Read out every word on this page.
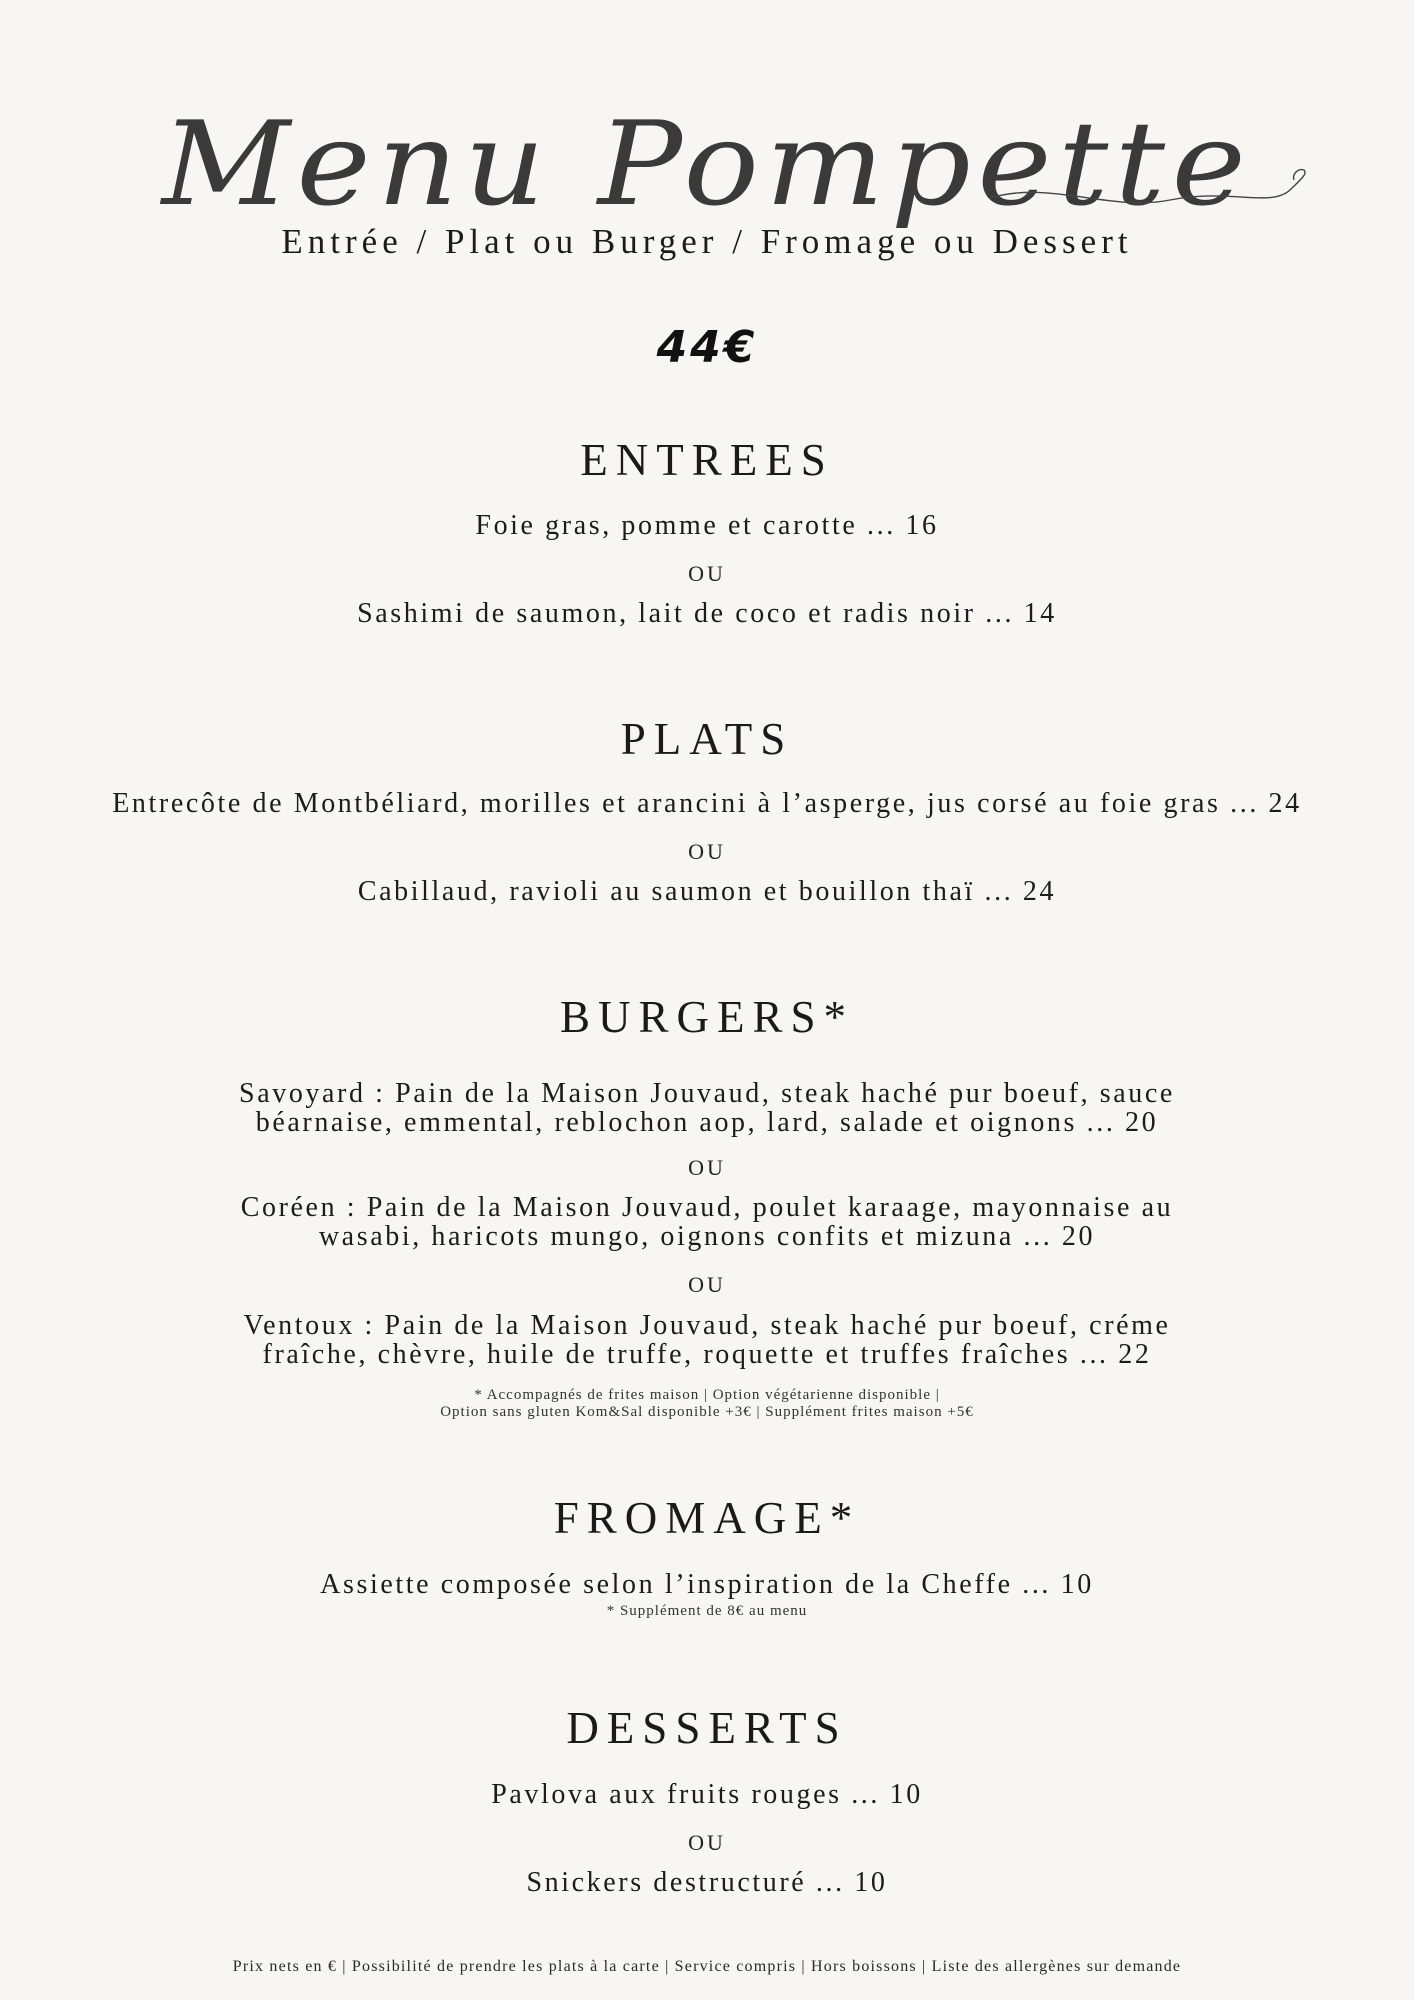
Menu Pompette
Entrée / Plat ou Burger / Fromage ou Dessert
44€
ENTREES
Foie gras, pomme et carotte ... 16
OU
Sashimi de saumon, lait de coco et radis noir ... 14
PLATS
Entrecôte de Montbéliard, morilles et arancini à l’asperge, jus corsé au foie gras ... 24
OU
Cabillaud, ravioli au saumon et bouillon thaï ... 24
BURGERS*
Savoyard : Pain de la Maison Jouvaud, steak haché pur boeuf, sauce
béarnaise, emmental, reblochon aop, lard, salade et oignons ... 20
OU
Coréen : Pain de la Maison Jouvaud, poulet karaage, mayonnaise au
wasabi, haricots mungo, oignons confits et mizuna ... 20
OU
Ventoux : Pain de la Maison Jouvaud, steak haché pur boeuf, créme
fraîche, chèvre, huile de truffe, roquette et truffes fraîches ... 22
* Accompagnés de frites maison | Option végétarienne disponible |
Option sans gluten Kom&Sal disponible +3€ | Supplément frites maison +5€
FROMAGE*
Assiette composée selon l’inspiration de la Cheffe ... 10
* Supplément de 8€ au menu
DESSERTS
Pavlova aux fruits rouges ... 10
OU
Snickers destructuré ... 10
Prix nets en € | Possibilité de prendre les plats à la carte | Service compris | Hors boissons | Liste des allergènes sur demande
